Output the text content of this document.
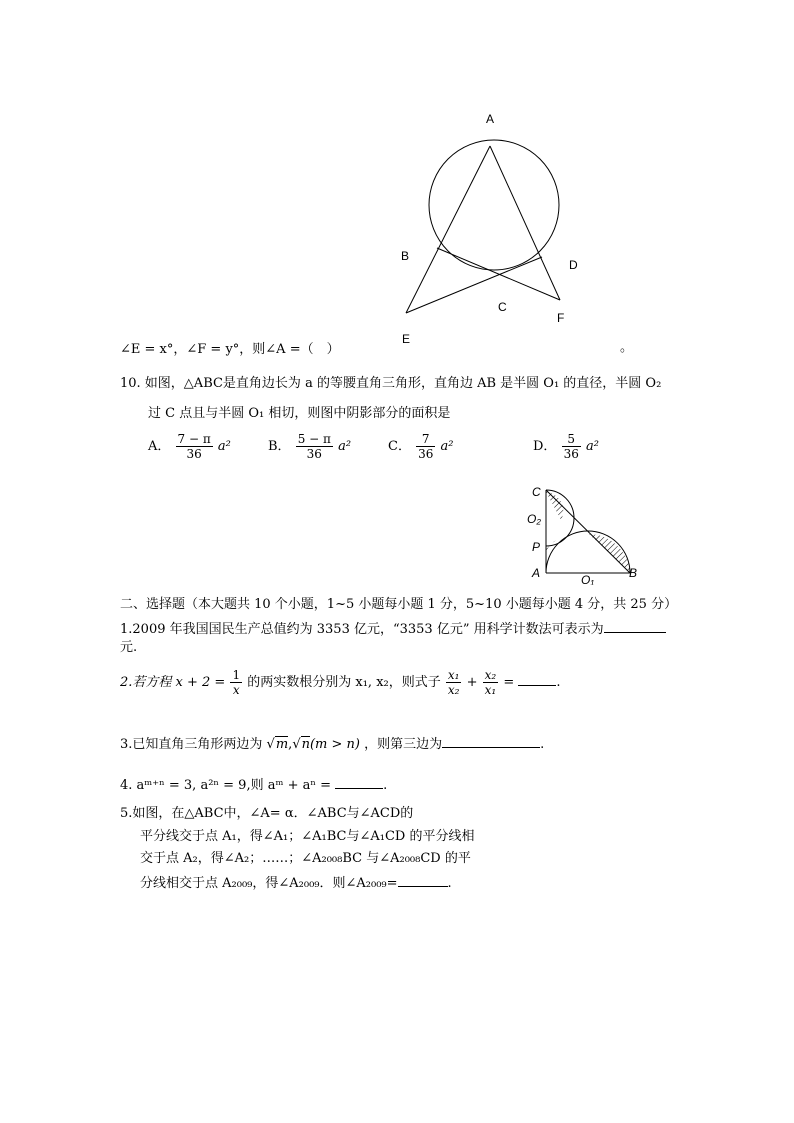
A
B
D
C
F
E
∠E = x°，∠F = y°，则∠A =（　）	。
10. 如图，△ABC是直角边长为 a 的等腰直角三角形，直角边 AB 是半圆 O₁ 的直径，半圆 O₂
过 C 点且与半圆 O₁ 相切，则图中阴影部分的面积是
A． $\frac{7 - \pi}{36} a^2$	B． $\frac{5 - \pi}{36} a^2$	C． $\frac{7}{36} a^2$	D． $\frac{5}{36} a^2$
C
O₂
P
A	O₁	B
二、选择题（本大题共 10 个小题，1~5 小题每小题 1 分，5~10 小题每小题 4 分，共 25 分）
1.2009 年我国国民生产总值约为 3353 亿元，“3353 亿元” 用科学计数法可表示为
元.
2.若方程 $x + 2 = \frac{1}{x}$ 的两实数根分别为 x₁, x₂，则式子 $\frac{\text{x₁}}{\text{x₂}} + \frac{\text{x₂}}{\text{x₁}}$ =	.
3.已知直角三角形两边为 √m,√n(m > n) ，则第三边为	.
4. aᵐ⁺ⁿ = 3, a²ⁿ = 9,则 aᵐ + aⁿ =	.
5.如图，在△ABC中，∠A= α．∠ABC与∠ACD的
平分线交于点 A₁，得∠A₁；∠A₁BC与∠A₁CD 的平分线相
交于点 A₂，得∠A₂；……；∠A₂₀₀₈BC 与∠A₂₀₀₈CD 的平
分线相交于点 A₂₀₀₉，得∠A₂₀₀₉．则∠A₂₀₀₉=	.
